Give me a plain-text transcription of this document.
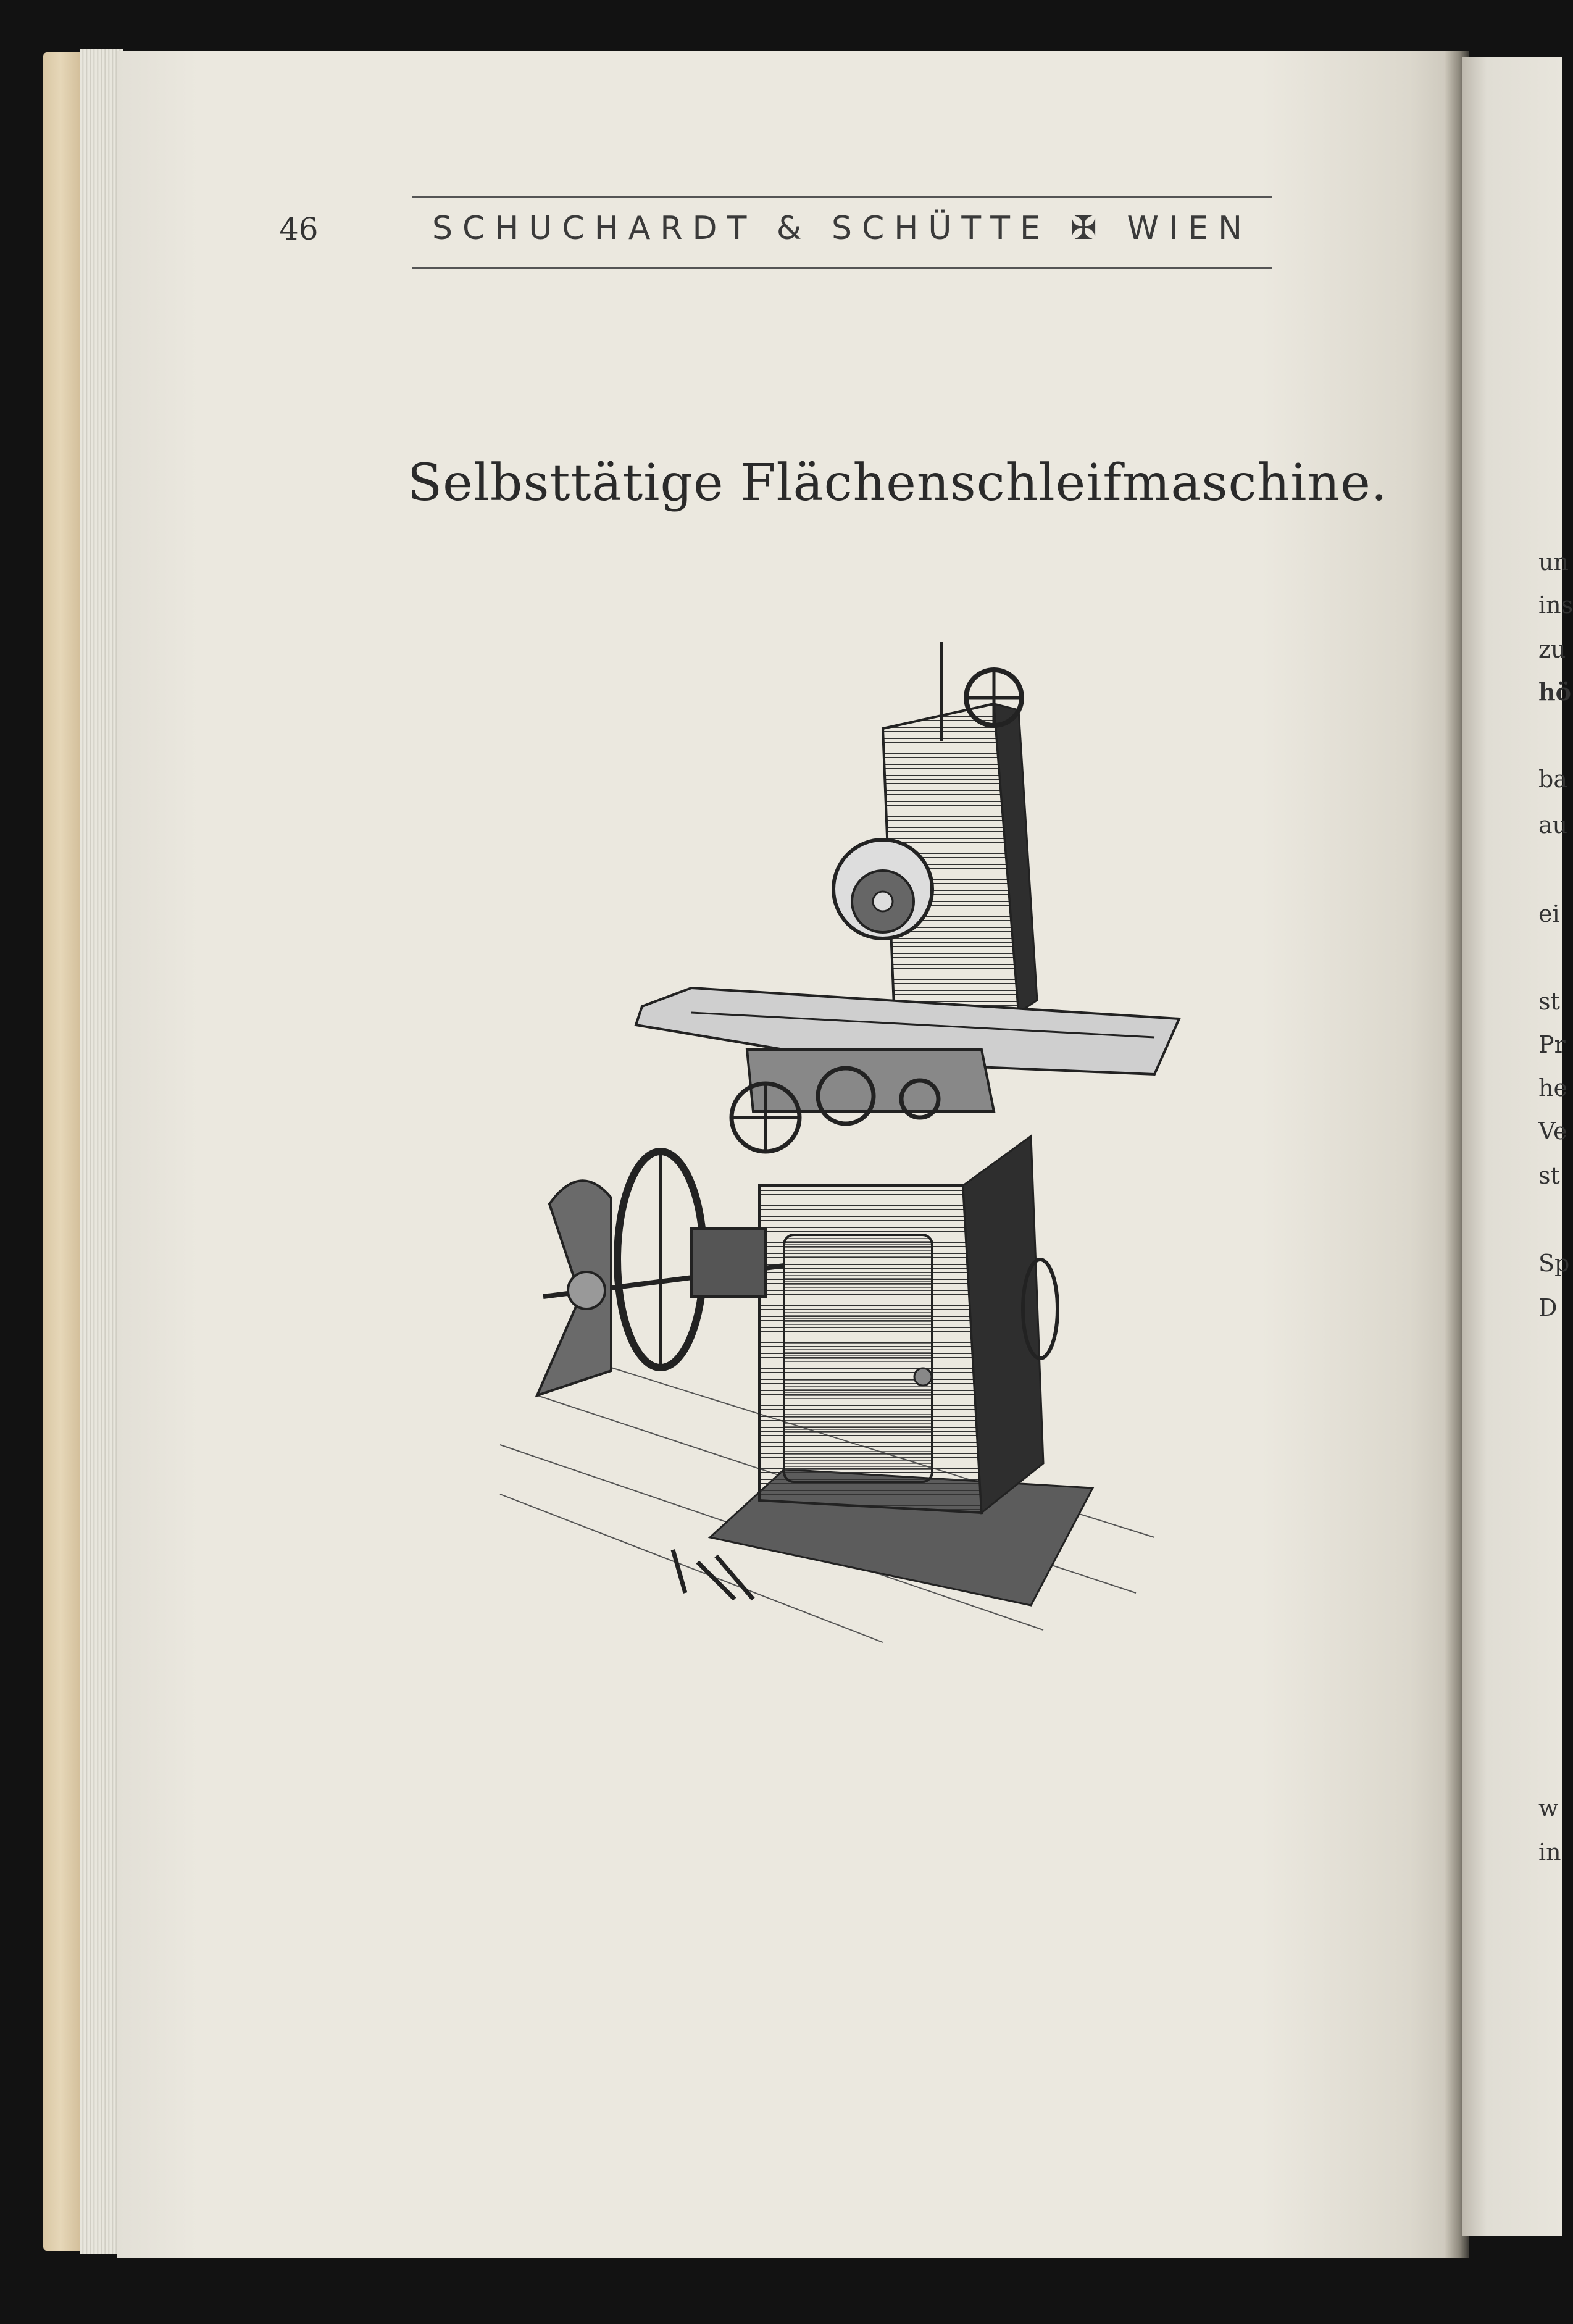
46	SCHUCHARDT & SCHÜTTE ✠ WIEN
Selbsttätige Flächenschleifmaschine.
un
ins
zu
hö
ba
au
ei
st
Pr
he
Ve
st
Sp
D
w
in
